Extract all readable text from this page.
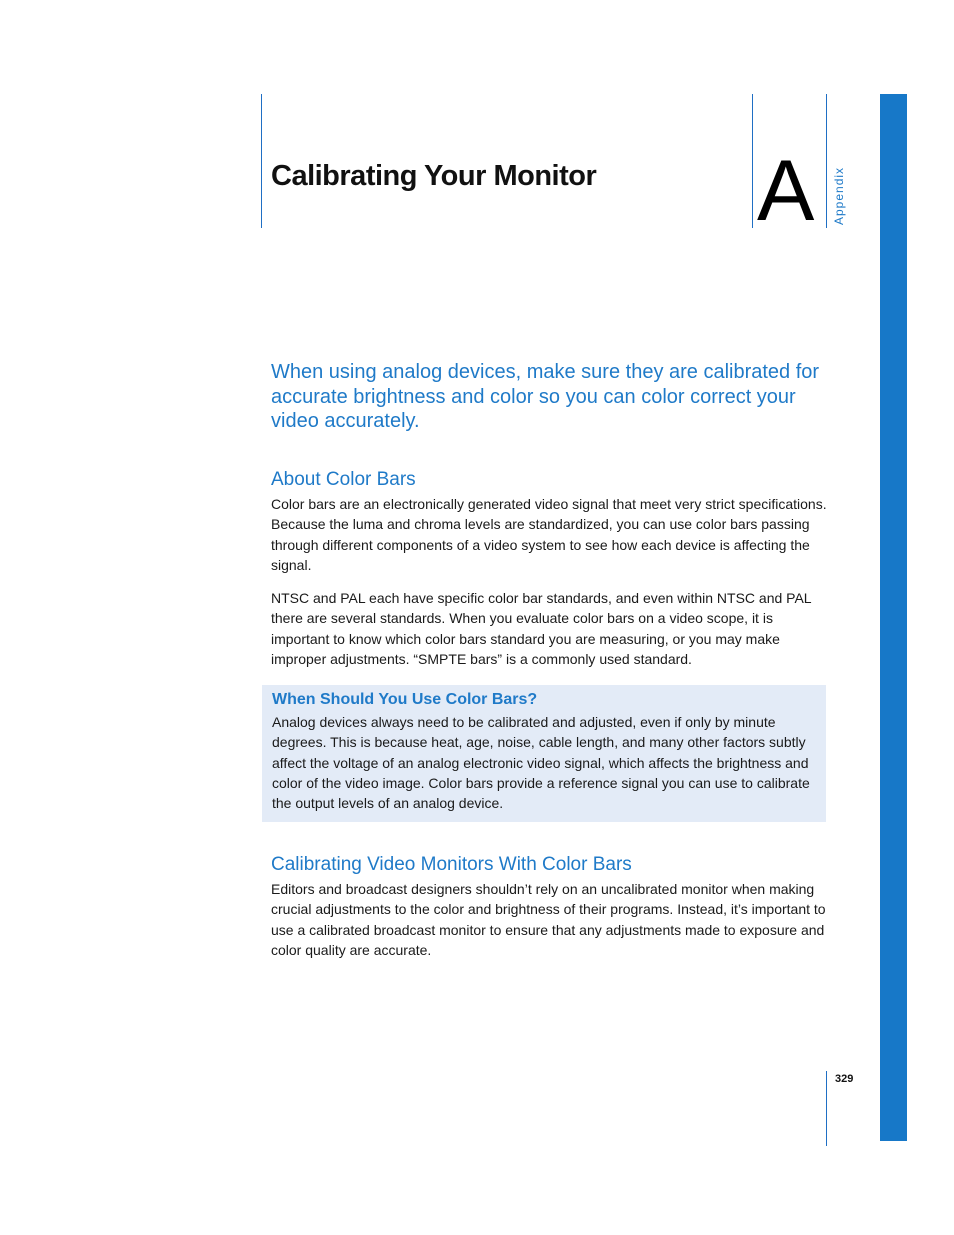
Calibrating Your Monitor A Appendix

When using analog devices, make sure they are calibrated for accurate brightness and color so you can color correct your video accurately.

About Color Bars

Color bars are an electronically generated video signal that meet very strict specifications. Because the luma and chroma levels are standardized, you can use color bars passing through different components of a video system to see how each device is affecting the signal.

NTSC and PAL each have specific color bar standards, and even within NTSC and PAL there are several standards. When you evaluate color bars on a video scope, it is important to know which color bars standard you are measuring, or you may make improper adjustments. “SMPTE bars” is a commonly used standard.

When Should You Use Color Bars?

Analog devices always need to be calibrated and adjusted, even if only by minute degrees. This is because heat, age, noise, cable length, and many other factors subtly affect the voltage of an analog electronic video signal, which affects the brightness and color of the video image. Color bars provide a reference signal you can use to calibrate the output levels of an analog device.

Calibrating Video Monitors With Color Bars

Editors and broadcast designers shouldn’t rely on an uncalibrated monitor when making crucial adjustments to the color and brightness of their programs. Instead, it’s important to use a calibrated broadcast monitor to ensure that any adjustments made to exposure and color quality are accurate.

329
